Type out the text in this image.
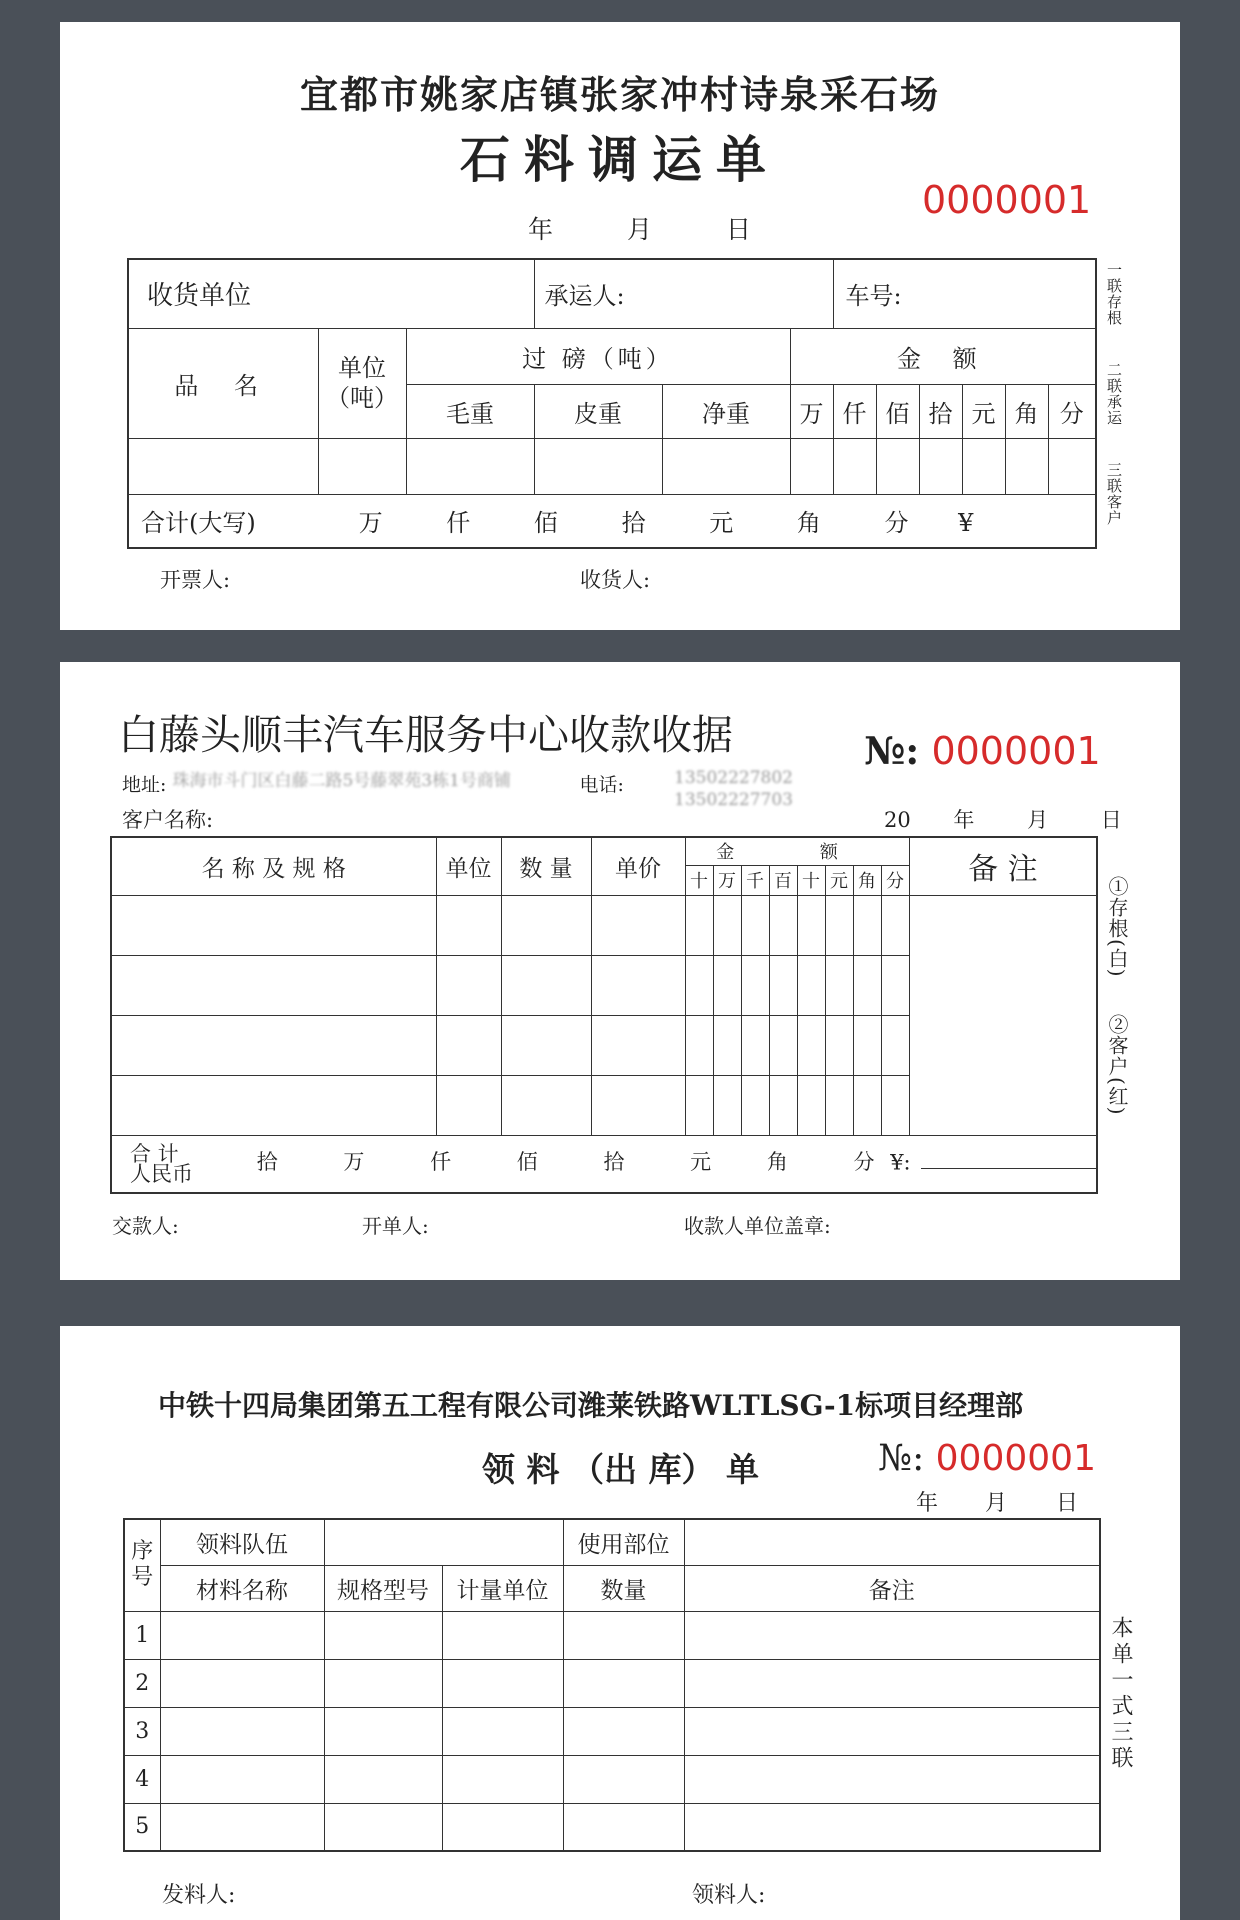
宜都市姚家店镇张家冲村诗泉采石场
石料调运单
0000001
年	月	日
收货单位			承运人:			车号:					
品 名	单位（吨）	过 磅（吨）			金 额						
		毛重	皮重	净重	万	仟	佰	拾	元	角	分

合计(大写) 万 仟 佰 拾 元 角 分 ¥											
开票人:	收货人:
一联存根
二联承运
三联客户
白藤头顺丰汽车服务中心收款收据	№: 0000001
地址: 珠海市斗门区白藤二路5号藤翠苑3栋1号商铺	电话:	13502227802
13502227703
客户名称:	20 年	月	日
名 称 及 规 格	单位	数 量	单价	金 额								备 注
				十	万	千	百	十	元	角	分	

合 计
人民币 拾 万 仟 佰 拾 元 角 分 ¥:												
交款人:	开单人:	收款人单位盖章:
①存根(白)
②客户(红)
中铁十四局集团第五工程有限公司潍莱铁路WLTLSG-1标项目经理部
领 料 （出 库） 单	№: 0000001
年 月 日
序号	领料队伍			使用部位	
	材料名称	规格型号	计量单位	数量	备注
1					
2					
3					
4					
5					
发料人:	领料人:
本单一式三联
